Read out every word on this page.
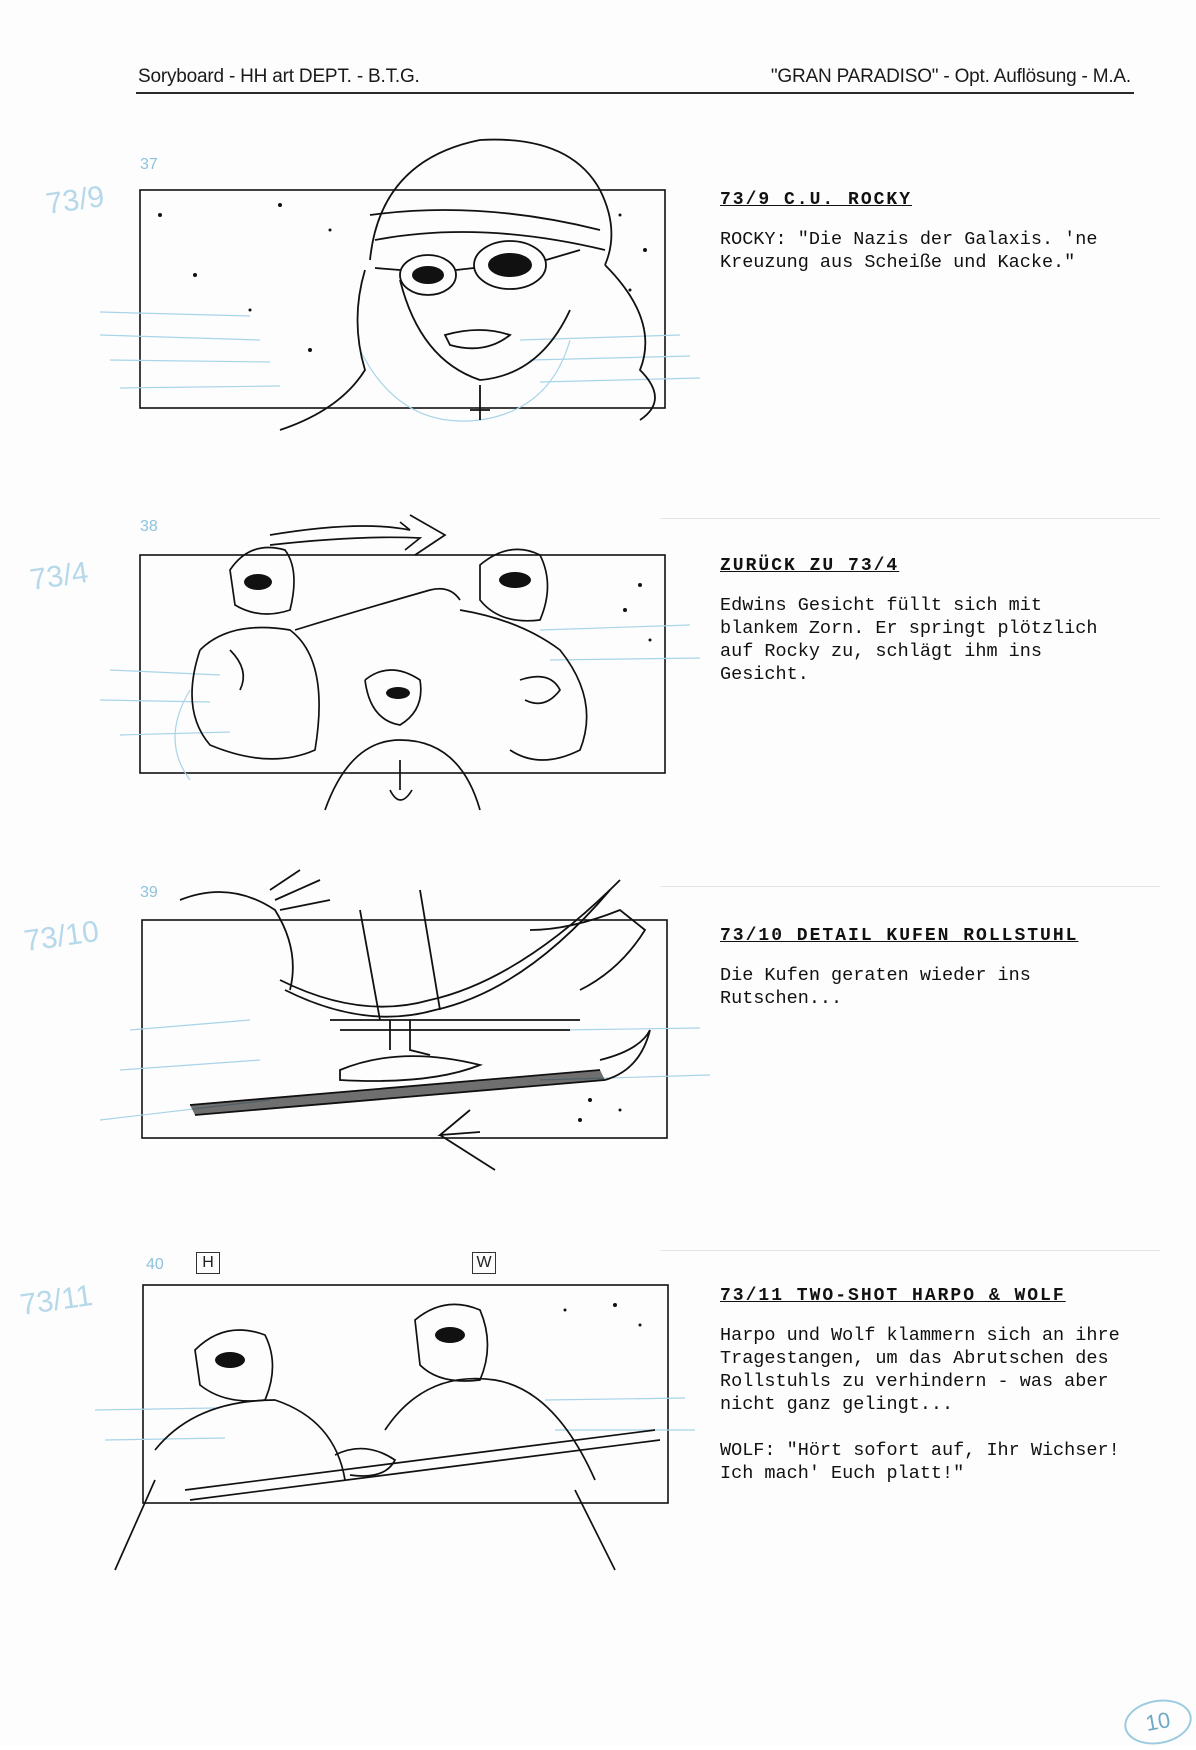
Soryboard - HH art DEPT. - B.T.G.	"GRAN PARADISO" - Opt. Auflösung - M.A.
37
73/9	73/9 C.U. ROCKY
ROCKY: "Die Nazis der Galaxis. 'ne
Kreuzung aus Scheiße und Kacke."
38
73/4	ZURÜCK ZU 73/4
Edwins Gesicht füllt sich mit
blankem Zorn. Er springt plötzlich
auf Rocky zu, schlägt ihm ins
Gesicht.
39
73/10	73/10 DETAIL KUFEN ROLLSTUHL
Die Kufen geraten wieder ins
Rutschen...
40
73/11
H	W
73/11 TWO-SHOT HARPO & WOLF
Harpo und Wolf klammern sich an ihre
Tragestangen, um das Abrutschen des
Rollstuhls zu verhindern - was aber
nicht ganz gelingt...
WOLF: "Hört sofort auf, Ihr Wichser!
Ich mach' Euch platt!"
10
